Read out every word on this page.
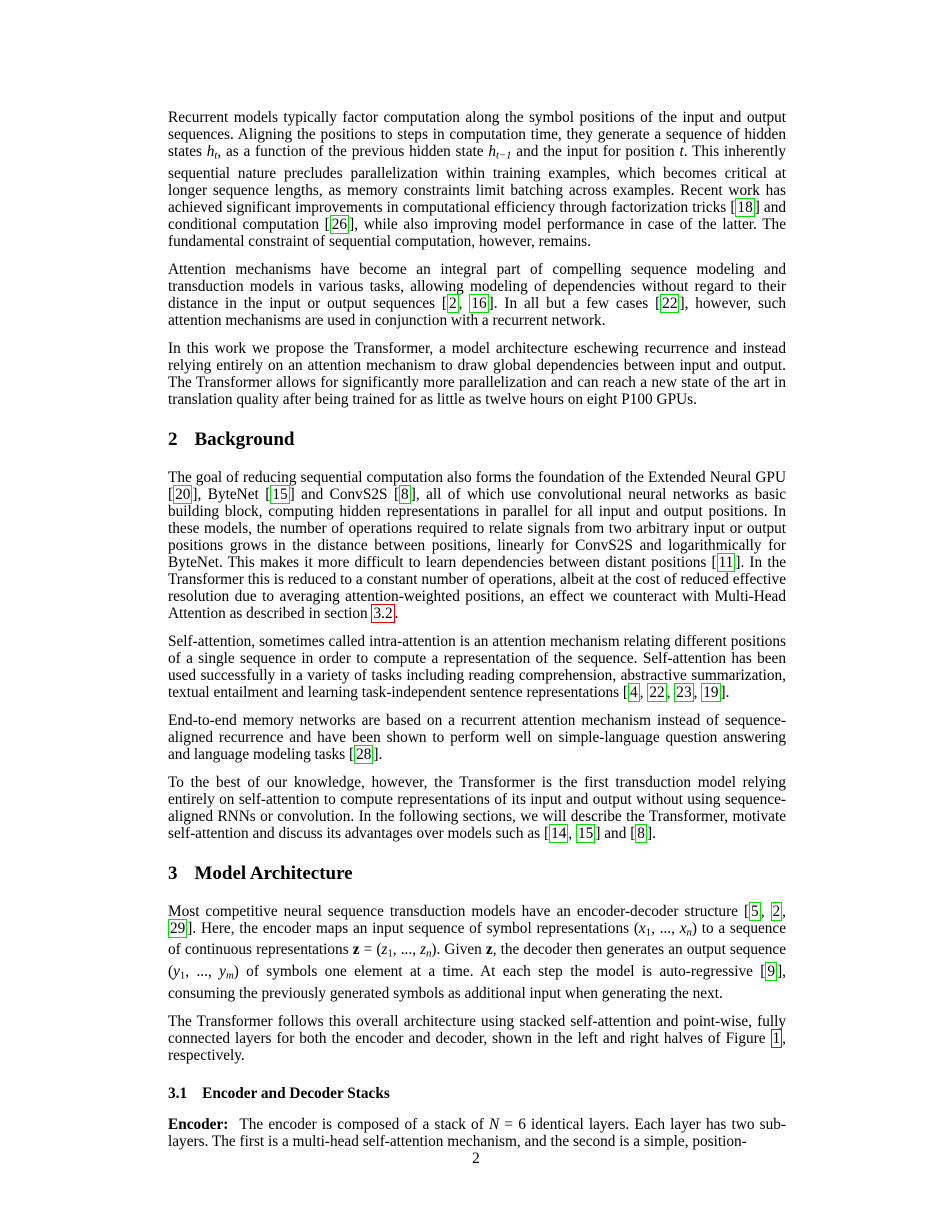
Recurrent models typically factor computation along the symbol positions of the input and output sequences. Aligning the positions to steps in computation time, they generate a sequence of hidden states ht, as a function of the previous hidden state ht−1 and the input for position t. This inherently sequential nature precludes parallelization within training examples, which becomes critical at longer sequence lengths, as memory constraints limit batching across examples. Recent work has achieved significant improvements in computational efficiency through factorization tricks [ 18 ] and conditional computation [ 26 ], while also improving model performance in case of the latter. The fundamental constraint of sequential computation, however, remains.

Attention mechanisms have become an integral part of compelling sequence modeling and transduction models in various tasks, allowing modeling of dependencies without regard to their distance in the input or output sequences [ 2 , 16 ]. In all but a few cases [ 22 ], however, such attention mechanisms are used in conjunction with a recurrent network.

In this work we propose the Transformer, a model architecture eschewing recurrence and instead relying entirely on an attention mechanism to draw global dependencies between input and output. The Transformer allows for significantly more parallelization and can reach a new state of the art in translation quality after being trained for as little as twelve hours on eight P100 GPUs.

2 Background

The goal of reducing sequential computation also forms the foundation of the Extended Neural GPU [ 20 ], ByteNet [ 15 ] and ConvS2S [ 8 ], all of which use convolutional neural networks as basic building block, computing hidden representations in parallel for all input and output positions. In these models, the number of operations required to relate signals from two arbitrary input or output positions grows in the distance between positions, linearly for ConvS2S and logarithmically for ByteNet. This makes it more difficult to learn dependencies between distant positions [ 11 ]. In the Transformer this is reduced to a constant number of operations, albeit at the cost of reduced effective resolution due to averaging attention-weighted positions, an effect we counteract with Multi-Head Attention as described in section 3.2 .

Self-attention, sometimes called intra-attention is an attention mechanism relating different positions of a single sequence in order to compute a representation of the sequence. Self-attention has been used successfully in a variety of tasks including reading comprehension, abstractive summarization, textual entailment and learning task-independent sentence representations [ 4 , 22 , 23 , 19 ].

End-to-end memory networks are based on a recurrent attention mechanism instead of sequence-aligned recurrence and have been shown to perform well on simple-language question answering and language modeling tasks [ 28 ].

To the best of our knowledge, however, the Transformer is the first transduction model relying entirely on self-attention to compute representations of its input and output without using sequence-aligned RNNs or convolution. In the following sections, we will describe the Transformer, motivate self-attention and discuss its advantages over models such as [ 14 , 15 ] and [ 8 ].

3 Model Architecture

Most competitive neural sequence transduction models have an encoder-decoder structure [ 5 , 2 , 29 ]. Here, the encoder maps an input sequence of symbol representations (x1, ..., xn) to a sequence of continuous representations z = (z1, ..., zn). Given z, the decoder then generates an output sequence (y1, ..., ym) of symbols one element at a time. At each step the model is auto-regressive [ 9 ], consuming the previously generated symbols as additional input when generating the next.

The Transformer follows this overall architecture using stacked self-attention and point-wise, fully connected layers for both the encoder and decoder, shown in the left and right halves of Figure 1 , respectively.

3.1 Encoder and Decoder Stacks

Encoder: The encoder is composed of a stack of N = 6 identical layers. Each layer has two sub-layers. The first is a multi-head self-attention mechanism, and the second is a simple, position-

2
